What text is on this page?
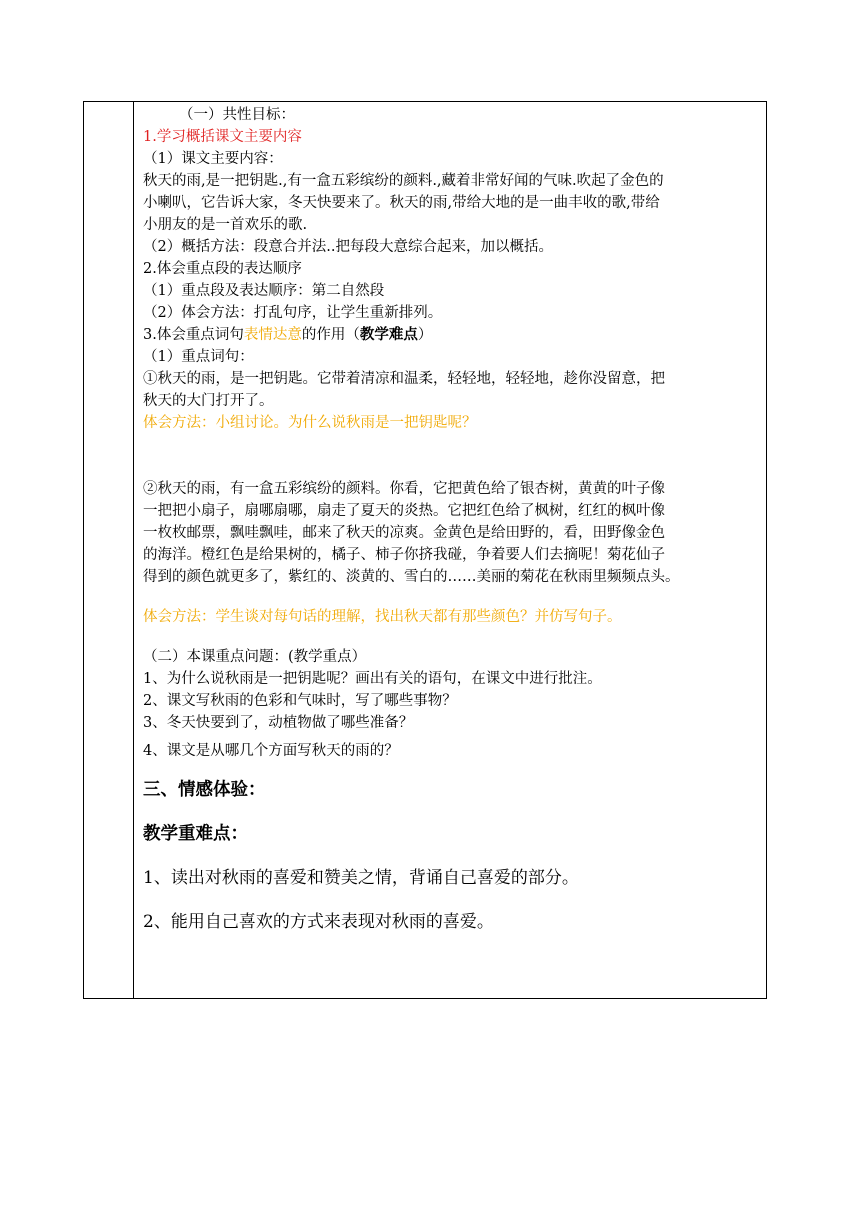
（一）共性目标：
1.学习概括课文主要内容
（1）课文主要内容：
秋天的雨,是一把钥匙.,有一盒五彩缤纷的颜料.,藏着非常好闻的气味.吹起了金色的
小喇叭，它告诉大家，冬天快要来了。秋天的雨,带给大地的是一曲丰收的歌,带给
小朋友的是一首欢乐的歌.
（2）概括方法：段意合并法..把每段大意综合起来，加以概括。
2.体会重点段的表达顺序
（1）重点段及表达顺序：第二自然段
（2）体会方法：打乱句序，让学生重新排列。
3.体会重点词句表情达意的作用（教学难点）
（1）重点词句：
①秋天的雨，是一把钥匙。它带着清凉和温柔，轻轻地，轻轻地，趁你没留意，把
秋天的大门打开了。
体会方法：小组讨论。为什么说秋雨是一把钥匙呢？
②秋天的雨，有一盒五彩缤纷的颜料。你看，它把黄色给了银杏树，黄黄的叶子像
一把把小扇子，扇哪扇哪，扇走了夏天的炎热。它把红色给了枫树，红红的枫叶像
一枚枚邮票，飘哇飘哇，邮来了秋天的凉爽。金黄色是给田野的，看，田野像金色
的海洋。橙红色是给果树的，橘子、柿子你挤我碰，争着要人们去摘呢！菊花仙子
得到的颜色就更多了，紫红的、淡黄的、雪白的……美丽的菊花在秋雨里频频点头。
体会方法：学生谈对每句话的理解，找出秋天都有那些颜色？并仿写句子。
（二）本课重点问题：(教学重点）
1、为什么说秋雨是一把钥匙呢？画出有关的语句，在课文中进行批注。
2、课文写秋雨的色彩和气味时，写了哪些事物？
3、冬天快要到了，动植物做了哪些准备？
4、课文是从哪几个方面写秋天的雨的？
三、情感体验：
教学重难点：
1、读出对秋雨的喜爱和赞美之情，背诵自己喜爱的部分。
2、能用自己喜欢的方式来表现对秋雨的喜爱。
